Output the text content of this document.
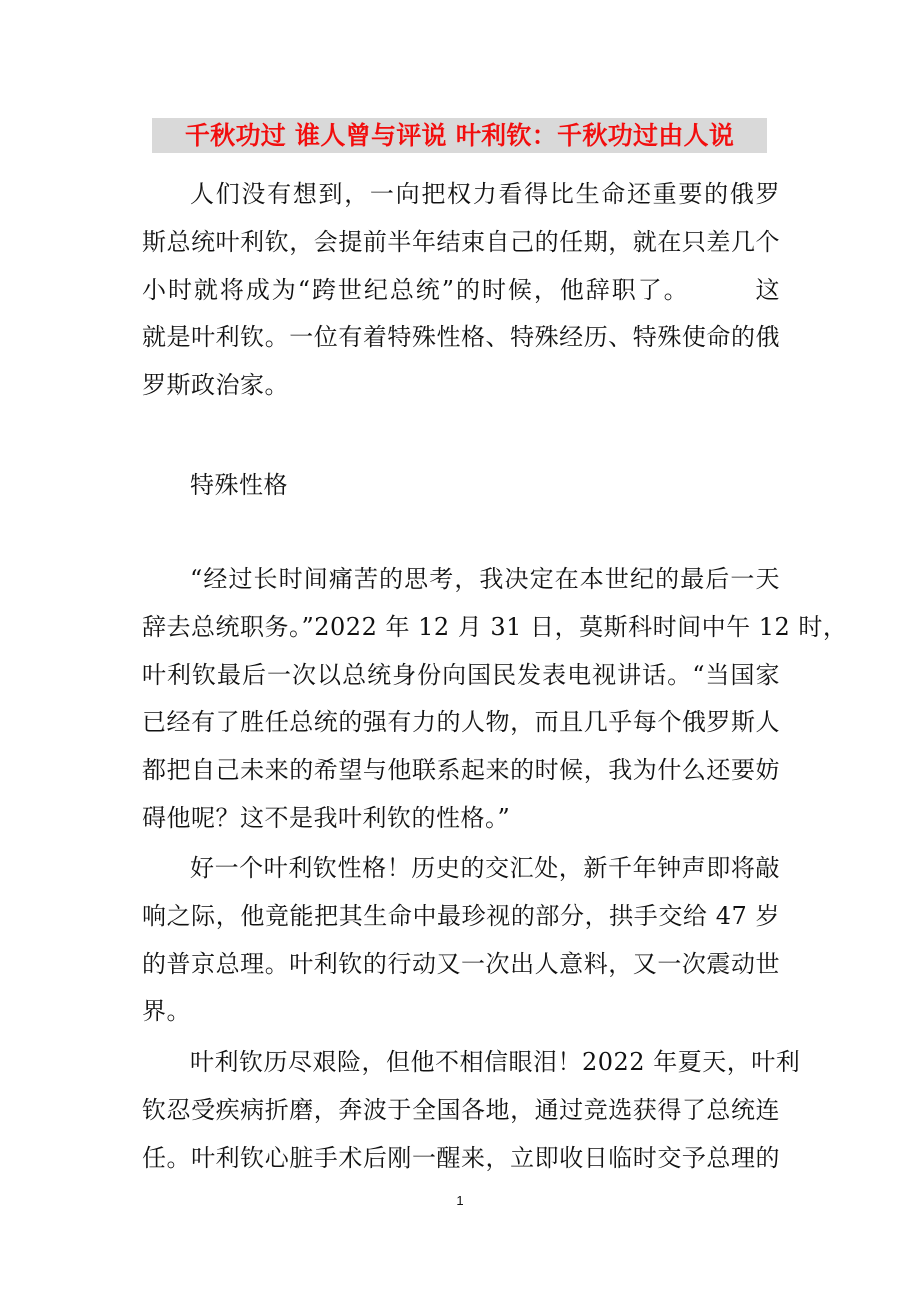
千秋功过 谁人曾与评说 叶利钦：千秋功过由人说
人们没有想到，一向把权力看得比生命还重要的俄罗
斯总统叶利钦，会提前半年结束自己的任期，就在只差几个
小时就将成为“跨世纪总统”的时候，他辞职了。　　　这
就是叶利钦。一位有着特殊性格、特殊经历、特殊使命的俄
罗斯政治家。
特殊性格
“经过长时间痛苦的思考，我决定在本世纪的最后一天
辞去总统职务。”2022 年 12 月 31 日，莫斯科时间中午 12 时，
叶利钦最后一次以总统身份向国民发表电视讲话。“当国家
已经有了胜任总统的强有力的人物，而且几乎每个俄罗斯人
都把自己未来的希望与他联系起来的时候，我为什么还要妨
碍他呢？这不是我叶利钦的性格。”
好一个叶利钦性格！历史的交汇处，新千年钟声即将敲
响之际，他竟能把其生命中最珍视的部分，拱手交给 47 岁
的普京总理。叶利钦的行动又一次出人意料，又一次震动世
界。
叶利钦历尽艰险，但他不相信眼泪！2022 年夏天，叶利
钦忍受疾病折磨，奔波于全国各地，通过竞选获得了总统连
任。叶利钦心脏手术后刚一醒来，立即收日临时交予总理的
1
